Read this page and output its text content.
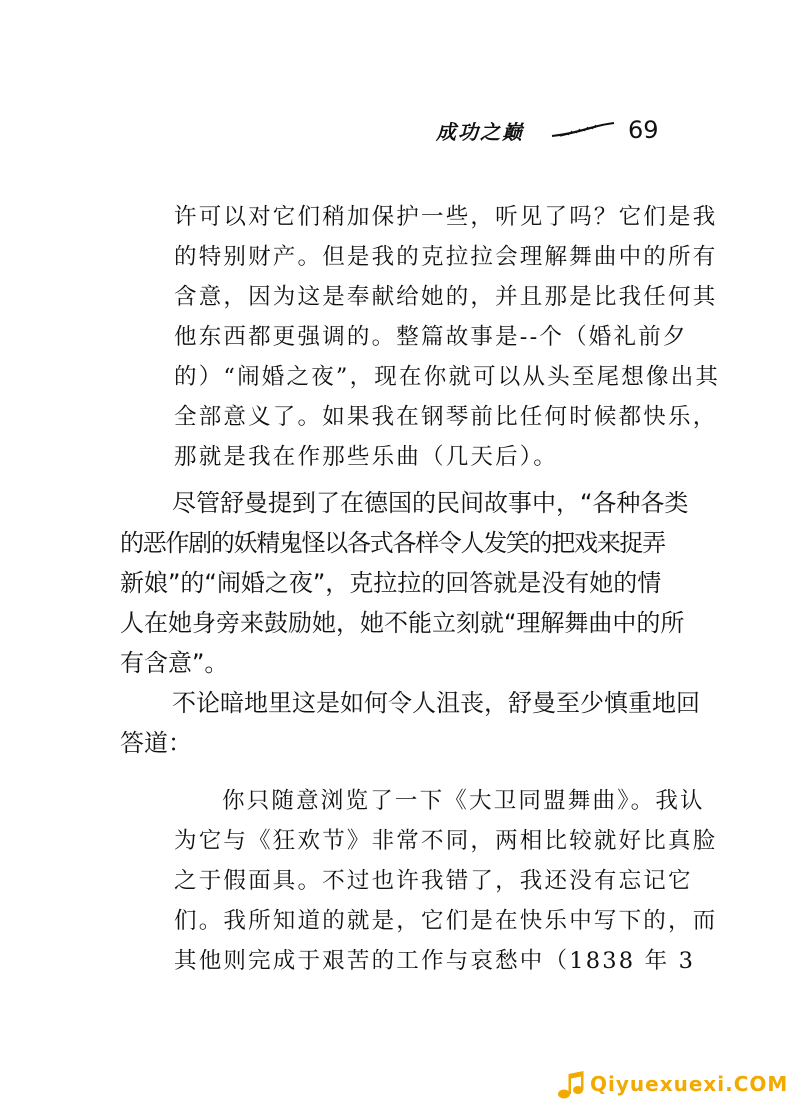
成功之巅	69
许可以对它们稍加保护一些，听见了吗？它们是我
的特别财产。但是我的克拉拉会理解舞曲中的所有
含意，因为这是奉献给她的，并且那是比我任何其
他东西都更强调的。整篇故事是--个（婚礼前夕
的）“闹婚之夜”，现在你就可以从头至尾想像出其
全部意义了。如果我在钢琴前比任何时候都快乐，
那就是我在作那些乐曲（几天后）。
尽管舒曼提到了在德国的民间故事中，“各种各类
的恶作剧的妖精鬼怪以各式各样令人发笑的把戏来捉弄
新娘”的“闹婚之夜”，克拉拉的回答就是没有她的情
人在她身旁来鼓励她，她不能立刻就“理解舞曲中的所
有含意”。
不论暗地里这是如何令人沮丧，舒曼至少慎重地回
答道：
你只随意浏览了一下《大卫同盟舞曲》。我认
为它与《狂欢节》非常不同，两相比较就好比真脸
之于假面具。不过也许我错了，我还没有忘记它
们。我所知道的就是，它们是在快乐中写下的，而
其他则完成于艰苦的工作与哀愁中（1838 年 3
Qiyuexuexi.COM
